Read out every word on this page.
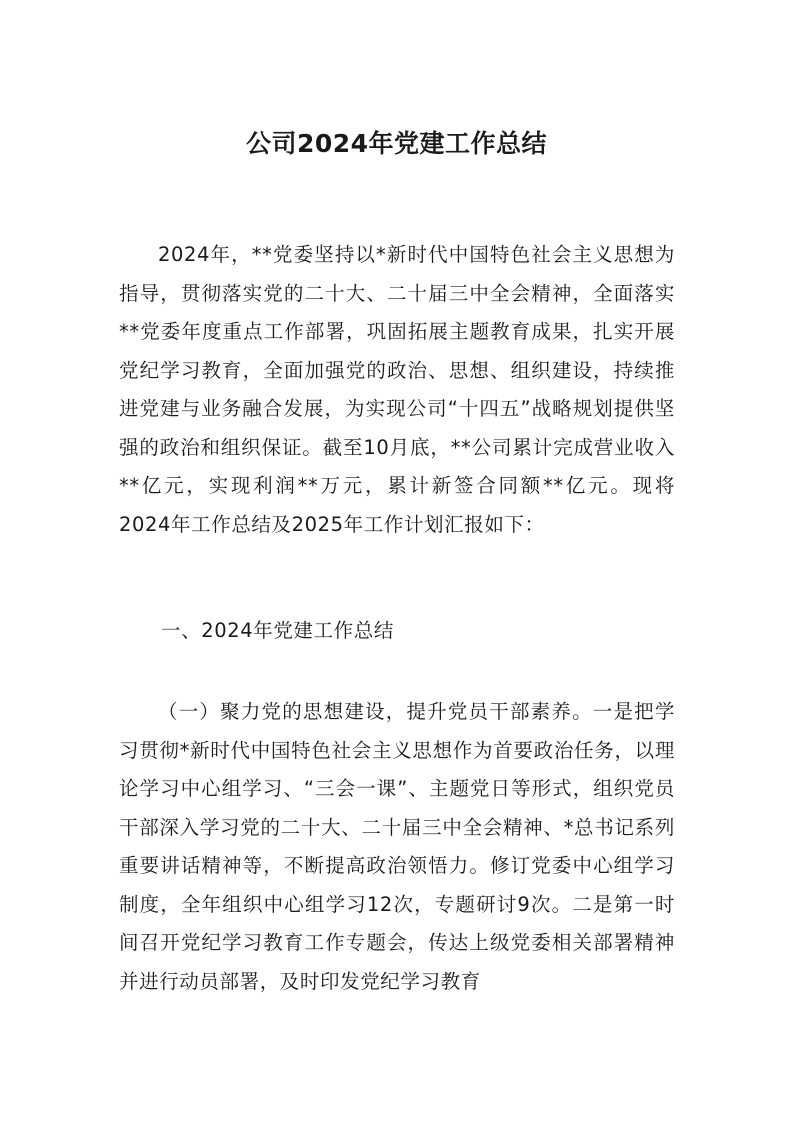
公司2024年党建工作总结

2024年，**党委坚持以*新时代中国特色社会主义思想为指导，贯彻落实党的二十大、二十届三中全会精神，全面落实**党委年度重点工作部署，巩固拓展主题教育成果，扎实开展党纪学习教育，全面加强党的政治、思想、组织建设，持续推进党建与业务融合发展，为实现公司“十四五”战略规划提供坚强的政治和组织保证。截至10月底，**公司累计完成营业收入**亿元，实现利润**万元，累计新签合同额**亿元。现将2024年工作总结及2025年工作计划汇报如下：

一、2024年党建工作总结

（一）聚力党的思想建设，提升党员干部素养。一是把学习贯彻*新时代中国特色社会主义思想作为首要政治任务，以理论学习中心组学习、“三会一课”、主题党日等形式，组织党员干部深入学习党的二十大、二十届三中全会精神、*总书记系列重要讲话精神等，不断提高政治领悟力。修订党委中心组学习制度，全年组织中心组学习12次，专题研讨9次。二是第一时间召开党纪学习教育工作专题会，传达上级党委相关部署精神并进行动员部署，及时印发党纪学习教育
